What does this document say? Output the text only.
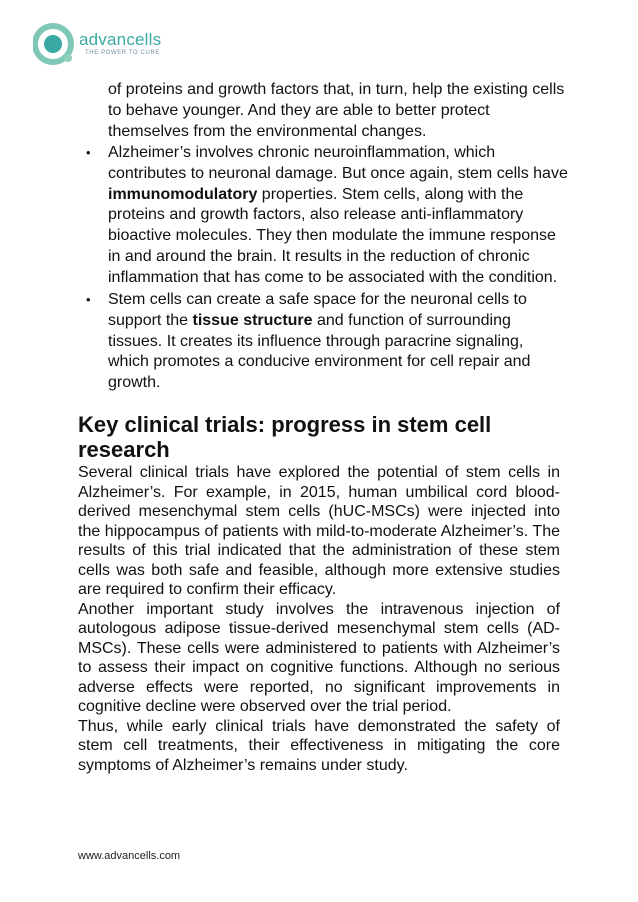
advancells
THE POWER TO CURE

of proteins and growth factors that, in turn, help the existing cells to behave younger. And they are able to better protect themselves from the environmental changes.

• Alzheimer’s involves chronic neuroinflammation, which contributes to neuronal damage. But once again, stem cells have immunomodulatory properties. Stem cells, along with the proteins and growth factors, also release anti-inflammatory bioactive molecules. They then modulate the immune response in and around the brain. It results in the reduction of chronic inflammation that has come to be associated with the condition.
• Stem cells can create a safe space for the neuronal cells to support the tissue structure and function of surrounding tissues. It creates its influence through paracrine signaling, which promotes a conducive environment for cell repair and growth.
Key clinical trials: progress in stem cell research

Several clinical trials have explored the potential of stem cells in Alzheimer’s. For example, in 2015, human umbilical cord blood-derived mesenchymal stem cells (hUC-MSCs) were injected into the hippocampus of patients with mild-to-moderate Alzheimer’s. The results of this trial indicated that the administration of these stem cells was both safe and feasible, although more extensive studies are required to confirm their efficacy.

Another important study involves the intravenous injection of autologous adipose tissue-derived mesenchymal stem cells (AD-MSCs). These cells were administered to patients with Alzheimer’s to assess their impact on cognitive functions. Although no serious adverse effects were reported, no significant improvements in cognitive decline were observed over the trial period.

Thus, while early clinical trials have demonstrated the safety of stem cell treatments, their effectiveness in mitigating the core symptoms of Alzheimer’s remains under study.

www.advancells.com
